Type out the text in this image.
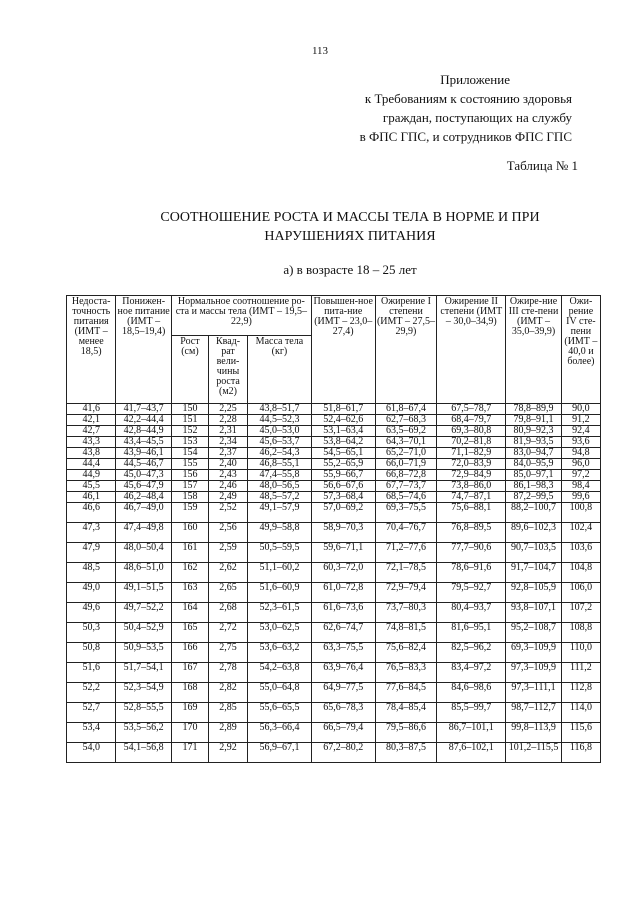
113
Приложение
к Требованиям к состоянию здоровья
граждан, поступающих на службу
в ФПС ГПС, и сотрудников ФПС ГПС
Таблица № 1
СООТНОШЕНИЕ РОСТА И МАССЫ ТЕЛА В НОРМЕ И ПРИ
НАРУШЕНИЯХ ПИТАНИЯ
а) в возрасте 18 – 25 лет
Недоста-точность питания (ИМТ – менее 18,5)	Понижен-ное питание (ИМТ – 18,5–19,4)	Нормальное соотношение ро-ста и массы тела (ИМТ – 19,5–22,9)			Повышен-ное пита-ние (ИМТ – 23,0–27,4)	Ожирение I степени (ИМТ – 27,5–29,9)	Ожирение II степени (ИМТ – 30,0–34,9)	Ожире-ние III сте-пени (ИМТ – 35,0–39,9)	Ожи-рение IV сте-пени (ИМТ – 40,0 и более)
		Рост (см)	Квад-рат вели-чины роста (м2)	Масса тела (кг)					
41,6	41,7–43,7	150	2,25	43,8–51,7	51,8–61,7	61,8–67,4	67,5–78,7	78,8–89,9	90,0
42,1	42,2–44,4	151	2,28	44,5–52,3	52,4–62,6	62,7–68,3	68,4–79,7	79,8–91,1	91,2
42,7	42,8–44,9	152	2,31	45,0–53,0	53,1–63,4	63,5–69,2	69,3–80,8	80,9–92,3	92,4
43,3	43,4–45,5	153	2,34	45,6–53,7	53,8–64,2	64,3–70,1	70,2–81,8	81,9–93,5	93,6
43,8	43,9–46,1	154	2,37	46,2–54,3	54,5–65,1	65,2–71,0	71,1–82,9	83,0–94,7	94,8
44,4	44,5–46,7	155	2,40	46,8–55,1	55,2–65,9	66,0–71,9	72,0–83,9	84,0–95,9	96,0
44,9	45,0–47,3	156	2,43	47,4–55,8	55,9–66,7	66,8–72,8	72,9–84,9	85,0–97,1	97,2
45,5	45,6–47,9	157	2,46	48,0–56,5	56,6–67,6	67,7–73,7	73,8–86,0	86,1–98,3	98,4
46,1	46,2–48,4	158	2,49	48,5–57,2	57,3–68,4	68,5–74,6	74,7–87,1	87,2–99,5	99,6
46,6	46,7–49,0	159	2,52	49,1–57,9	57,0–69,2	69,3–75,5	75,6–88,1	88,2–100,7	100,8
47,3	47,4–49,8	160	2,56	49,9–58,8	58,9–70,3	70,4–76,7	76,8–89,5	89,6–102,3	102,4
47,9	48,0–50,4	161	2,59	50,5–59,5	59,6–71,1	71,2–77,6	77,7–90,6	90,7–103,5	103,6
48,5	48,6–51,0	162	2,62	51,1–60,2	60,3–72,0	72,1–78,5	78,6–91,6	91,7–104,7	104,8
49,0	49,1–51,5	163	2,65	51,6–60,9	61,0–72,8	72,9–79,4	79,5–92,7	92,8–105,9	106,0
49,6	49,7–52,2	164	2,68	52,3–61,5	61,6–73,6	73,7–80,3	80,4–93,7	93,8–107,1	107,2
50,3	50,4–52,9	165	2,72	53,0–62,5	62,6–74,7	74,8–81,5	81,6–95,1	95,2–108,7	108,8
50,8	50,9–53,5	166	2,75	53,6–63,2	63,3–75,5	75,6–82,4	82,5–96,2	69,3–109,9	110,0
51,6	51,7–54,1	167	2,78	54,2–63,8	63,9–76,4	76,5–83,3	83,4–97,2	97,3–109,9	111,2
52,2	52,3–54,9	168	2,82	55,0–64,8	64,9–77,5	77,6–84,5	84,6–98,6	97,3–111,1	112,8
52,7	52,8–55,5	169	2,85	55,6–65,5	65,6–78,3	78,4–85,4	85,5–99,7	98,7–112,7	114,0
53,4	53,5–56,2	170	2,89	56,3–66,4	66,5–79,4	79,5–86,6	86,7–101,1	99,8–113,9	115,6
54,0	54,1–56,8	171	2,92	56,9–67,1	67,2–80,2	80,3–87,5	87,6–102,1	101,2–115,5	116,8
